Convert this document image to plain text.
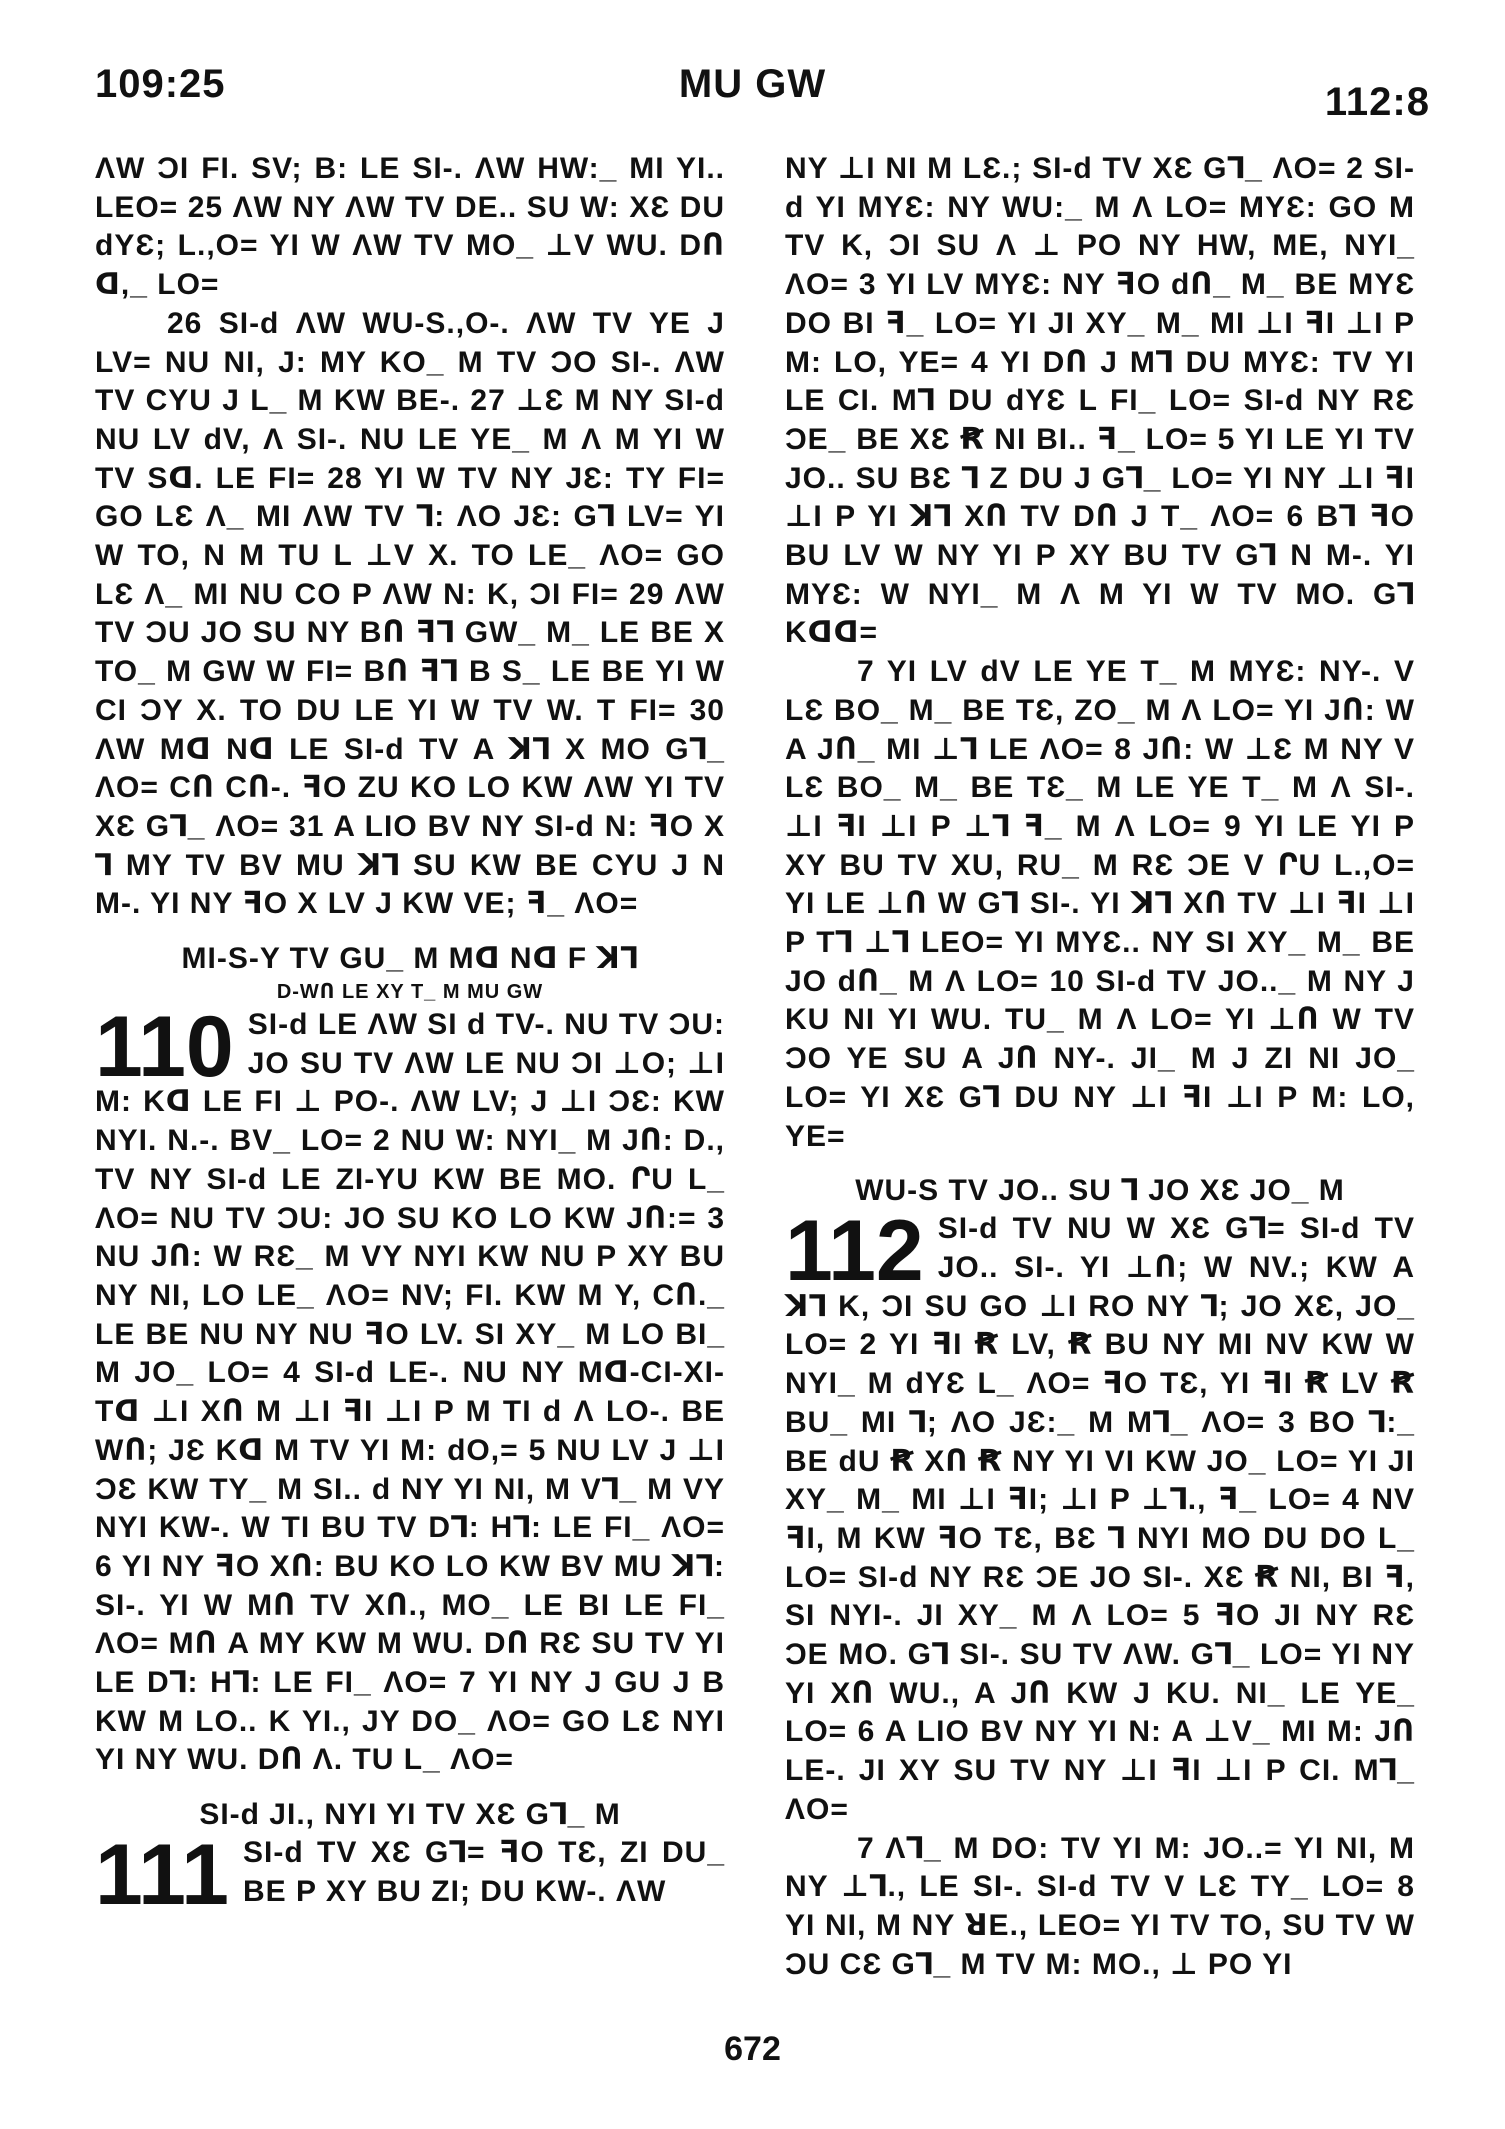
109:25	MU GW	112:8

ΛW ƆI FI. SV; B: LE SI-. ΛW HW:_ MI YI.. LEO= 25 ΛW NY ΛW TV DE.. SU W: XƐ DU dYƐ; L.,O= YI W ΛW TV MO_ ⊥V WU. DՈ ꓷ,_ LO=

26 SI-d ΛW WU-S.,O-. ΛW TV YE J LV= NU NI, J: MY KO_ M TV ƆO SI-. ΛW TV CYU J L_ M KW BE-. 27 ⊥Ɛ M NY SI-d NU LV dV, Λ SI-. NU LE YE_ M Λ M YI W TV Sꓷ. LE FI= 28 YI W TV NY JƐ: TY FI= GO LƐ Λ_ MI ΛW TV ⅂: ΛO JƐ: G⅂ LV= YI W TO, N M TU L ⊥V X. TO LE_ ΛO= GO LƐ Λ_ MI NU CO P ΛW N: K, ƆI FI= 29 ΛW TV ƆU JO SU NY BՈ ꟻ⅂ GW_ M_ LE BE X TO_ M GW W FI= BՈ ꟻ⅂ B S_ LE BE YI W CI ƆY X. TO DU LE YI W TV W. T FI= 30 ΛW Mꓷ Nꓷ LE SI-d TV A ꓘ⅂ X MO G⅂_ ΛO= CՈ CՈ-. ꟻO ZU KO LO KW ΛW YI TV XƐ G⅂_ ΛO= 31 A LIO BV NY SI-d N: ꟻO X ⅂ MY TV BV MU ꓘ⅂ SU KW BE CYU J N M-. YI NY ꟻO X LV J KW VE; ꟻ_ ΛO=

MI-S-Y TV GU_ M Mꓷ Nꓷ F ꓘ⅂
D-WՈ LE XY T_ M MU GW

110 SI-d LE ΛW SI d TV-. NU TV ƆU: JO SU TV ΛW LE NU ƆI ⊥O; ⊥I M: Kꓷ LE FI ⊥ PO-. ΛW LV; J ⊥I ƆƐ: KW NYI. N.-. BV_ LO= 2 NU W: NYI_ M JՈ: D., TV NY SI-d LE ZI-YU KW BE MO. ՐU L_ ΛO= NU TV ƆU: JO SU KO LO KW JՈ:= 3 NU JՈ: W RƐ_ M VY NYI KW NU P XY BU NY NI, LO LE_ ΛO= NV; FI. KW M Y, CՈ._ LE BE NU NY NU ꟻO LV. SI XY_ M LO BI_ M JO_ LO= 4 SI-d LE-. NU NY Mꓷ-CI-XI-Tꓷ ⊥I XՈ M ⊥I ꟻI ⊥I P M TI d Λ LO-. BE WՈ; JƐ Kꓷ M TV YI M: dO,= 5 NU LV J ⊥I ƆƐ KW TY_ M SI.. d NY YI NI, M V⅂_ M VY NYI KW-. W TI BU TV D⅂: H⅂: LE FI_ ΛO= 6 YI NY ꟻO XՈ: BU KO LO KW BV MU ꓘ⅂: SI-. YI W MՈ TV XՈ., MO_ LE BI LE FI_ ΛO= MՈ A MY KW M WU. DՈ RƐ SU TV YI LE D⅂: H⅂: LE FI_ ΛO= 7 YI NY J GU J B KW M LO.. K YI., JY DO_ ΛO= GO LƐ NYI YI NY WU. DՈ Λ. TU L_ ΛO=

SI-d JI., NYI YI TV XƐ G⅂_ M

111 SI-d TV XƐ G⅂= ꟻO TƐ, ZI DU_ BE P XY BU ZI; DU KW-. ΛW

NY ⊥I NI M LƐ.; SI-d TV XƐ G⅂_ ΛO= 2 SI-d YI MYƐ: NY WU:_ M Λ LO= MYƐ: GO M TV K, ƆI SU Λ ⊥ PO NY HW, ME, NYI_ ΛO= 3 YI LV MYƐ: NY ꟻO dՈ_ M_ BE MYƐ DO BI ꟻ_ LO= YI JI XY_ M_ MI ⊥I ꟻI ⊥I P M: LO, YE= 4 YI DՈ J M⅂ DU MYƐ: TV YI LE CI. M⅂ DU dYƐ L FI_ LO= SI-d NY RƐ ƆE_ BE XƐ Ꞧ NI BI.. ꟻ_ LO= 5 YI LE YI TV JO.. SU BƐ ⅂ Z DU J G⅂_ LO= YI NY ⊥I ꟻI ⊥I P YI ꓘ⅂ XՈ TV DՈ J T_ ΛO= 6 B⅂ ꟻO BU LV W NY YI P XY BU TV G⅂ N M-. YI MYƐ: W NYI_ M Λ M YI W TV MO. G⅂ Kꓷꓷ=

7 YI LV dV LE YE T_ M MYƐ: NY-. V LƐ BO_ M_ BE TƐ, ZO_ M Λ LO= YI JՈ: W A JՈ_ MI ⊥⅂ LE ΛO= 8 JՈ: W ⊥Ɛ M NY V LƐ BO_ M_ BE TƐ_ M LE YE T_ M Λ SI-. ⊥I ꟻI ⊥I P ⊥⅂ ꟻ_ M Λ LO= 9 YI LE YI P XY BU TV XU, RU_ M RƐ ƆE V ՐU L.,O= YI LE ⊥Ո W G⅂ SI-. YI ꓘ⅂ XՈ TV ⊥I ꟻI ⊥I P T⅂ ⊥⅂ LEO= YI MYƐ.. NY SI XY_ M_ BE JO dՈ_ M Λ LO= 10 SI-d TV JO.._ M NY J KU NI YI WU. TU_ M Λ LO= YI ⊥Ո W TV ƆO YE SU A JՈ NY-. JI_ M J ZI NI JO_ LO= YI XƐ G⅂ DU NY ⊥I ꟻI ⊥I P M: LO, YE=

WU-S TV JO.. SU ⅂ JO XƐ JO_ M

112 SI-d TV NU W XƐ G⅂= SI-d TV JO.. SI-. YI ⊥Ո; W NV.; KW A ꓘ⅂ K, ƆI SU GO ⊥I RO NY ⅂; JO XƐ, JO_ LO= 2 YI ꟻI Ꞧ LV, Ꞧ BU NY MI NV KW W NYI_ M dYƐ L_ ΛO= ꟻO TƐ, YI ꟻI Ꞧ LV Ꞧ BU_ MI ⅂; ΛO JƐ:_ M M⅂_ ΛO= 3 BO ⅂:_ BE dU Ꞧ XՈ Ꞧ NY YI VI KW JO_ LO= YI JI XY_ M_ MI ⊥I ꟻI; ⊥I P ⊥⅂., ꟻ_ LO= 4 NV ꟻI, M KW ꟻO TƐ, BƐ ⅂ NYI MO DU DO L_ LO= SI-d NY RƐ ƆE JO SI-. XƐ Ꞧ NI, BI ꟻ, SI NYI-. JI XY_ M Λ LO= 5 ꟻO JI NY RƐ ƆE MO. G⅂ SI-. SU TV ΛW. G⅂_ LO= YI NY YI XՈ WU., A JՈ KW J KU. NI_ LE YE_ LO= 6 A LIO BV NY YI N: A ⊥V_ MI M: JՈ LE-. JI XY SU TV NY ⊥I ꟻI ⊥I P CI. M⅂_ ΛO=

7 Λ⅂_ M DO: TV YI M: JO..= YI NI, M NY ⊥⅂., LE SI-. SI-d TV V LƐ TY_ LO= 8 YI NI, M NY ꓤE., LEO= YI TV TO, SU TV W ƆU CƐ G⅂_ M TV M: MO., ⊥ PO YI

672
